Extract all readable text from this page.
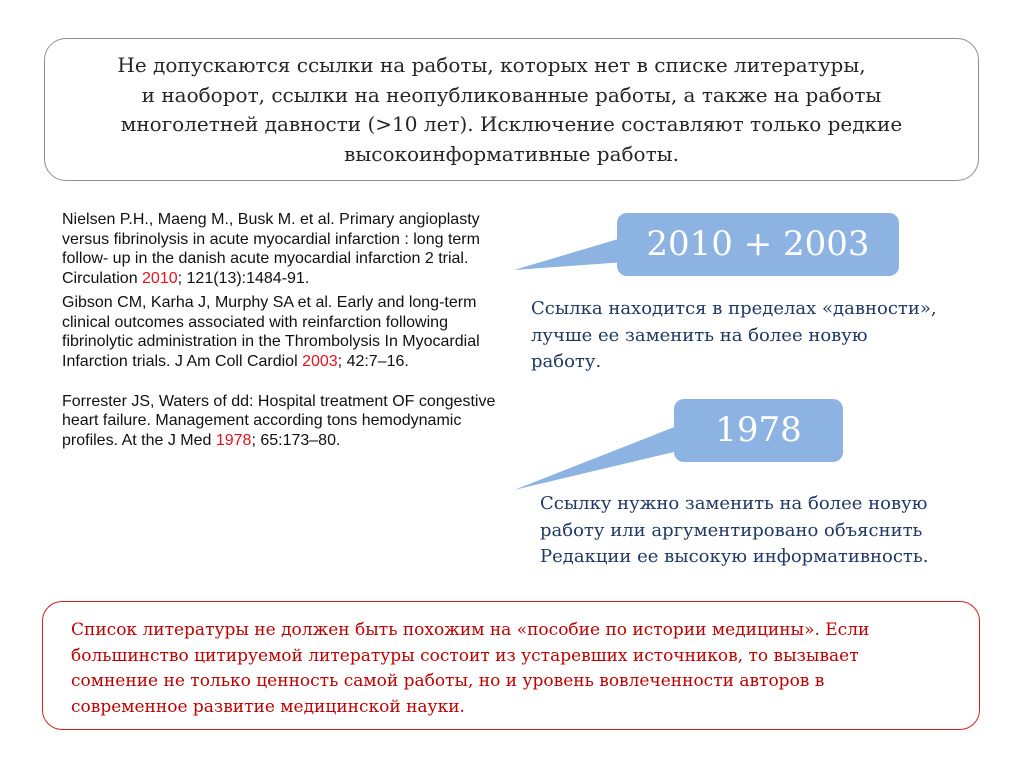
Не допускаются ссылки на работы, которых нет в списке литературы,
и наоборот, ссылки на неопубликованные работы, а также на работы
многолетней давности (>10 лет). Исключение составляют только редкие
высокоинформативные работы.

Nielsen P.H., Maeng M., Busk M. et al. Primary angioplasty versus fibrinolysis in acute myocardial infarction : long term follow- up in the danish acute myocardial infarction 2 trial. Circulation 2010; 121(13):1484-91.

Gibson CM, Karha J, Murphy SA et al. Early and long-term clinical outcomes associated with reinfarction following fibrinolytic administration in the Thrombolysis In Myocardial Infarction trials. J Am Coll Cardiol 2003; 42:7–16.

Forrester JS, Waters of dd: Hospital treatment OF congestive heart failure. Management according tons hemodynamic profiles. At the J Med 1978; 65:173–80.

2010 + 2003
1978
Ссылка находится в пределах «давности»,
лучше ее заменить на более новую
работу.
Ссылку нужно заменить на более новую
работу или аргументировано объяснить
Редакции ее высокую информативность.
Список литературы не должен быть похожим на «пособие по истории медицины». Если
большинство цитируемой литературы состоит из устаревших источников, то вызывает
сомнение не только ценность самой работы, но и уровень вовлеченности авторов в
современное развитие медицинской науки.
